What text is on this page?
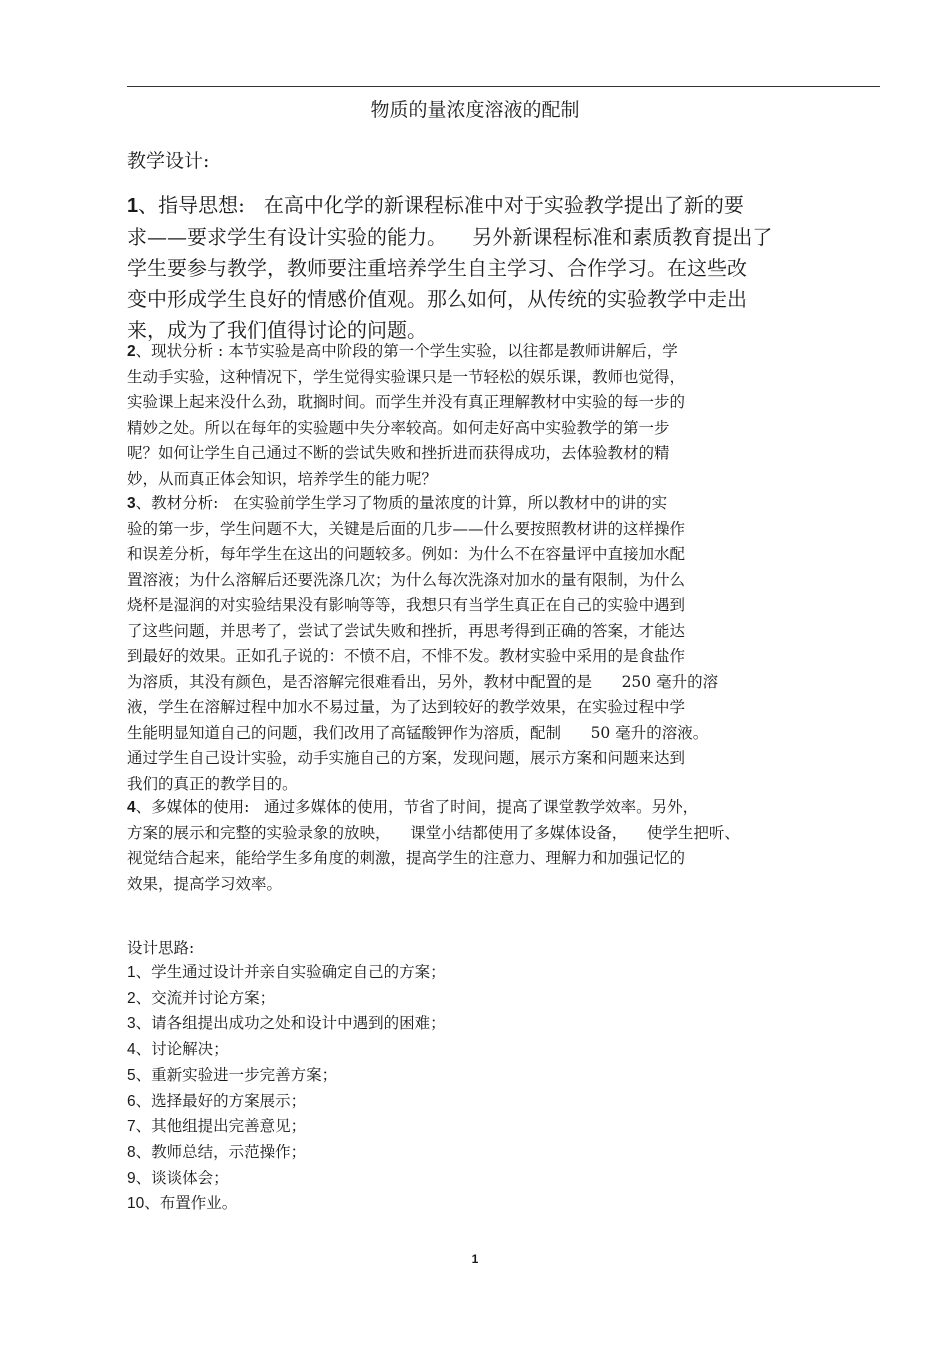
物质的量浓度溶液的配制
教学设计:
1、指导思想:   在高中化学的新课程标准中对于实验教学提出了新的要
求——要求学生有设计实验的能力。    另外新课程标准和素质教育提出了
学生要参与教学，教师要注重培养学生自主学习、合作学习。在这些改
变中形成学生良好的情感价值观。那么如何，从传统的实验教学中走出
来，成为了我们值得讨论的问题。
2、现状分析 : 本节实验是高中阶段的第一个学生实验，以往都是教师讲解后，学
生动手实验，这种情况下，学生觉得实验课只是一节轻松的娱乐课，教师也觉得，
实验课上起来没什么劲，耽搁时间。而学生并没有真正理解教材中实验的每一步的
精妙之处。所以在每年的实验题中失分率较高。如何走好高中实验教学的第一步
呢？如何让学生自己通过不断的尝试失败和挫折进而获得成功，去体验教材的精
妙，从而真正体会知识，培养学生的能力呢？
3、教材分析:   在实验前学生学习了物质的量浓度的计算，所以教材中的讲的实
验的第一步，学生问题不大，关键是后面的几步——什么要按照教材讲的这样操作
和误差分析，每年学生在这出的问题较多。例如：为什么不在容量评中直接加水配
置溶液；为什么溶解后还要洗涤几次；为什么每次洗涤对加水的量有限制，为什么
烧杯是湿润的对实验结果没有影响等等，我想只有当学生真正在自己的实验中遇到
了这些问题，并思考了，尝试了尝试失败和挫折，再思考得到正确的答案，才能达
到最好的效果。正如孔子说的：不愤不启，不悱不发。教材实验中采用的是食盐作
为溶质，其没有颜色，是否溶解完很难看出，另外，教材中配置的是      250 毫升的溶
液，学生在溶解过程中加水不易过量，为了达到较好的教学效果，在实验过程中学
生能明显知道自己的问题，我们改用了高锰酸钾作为溶质，配制      50 毫升的溶液。
通过学生自己设计实验，动手实施自己的方案，发现问题，展示方案和问题来达到
我们的真正的教学目的。
4、多媒体的使用:   通过多媒体的使用，节省了时间，提高了课堂教学效率。另外，
方案的展示和完整的实验录象的放映，    课堂小结都使用了多媒体设备，    使学生把听、
视觉结合起来，能给学生多角度的刺激，提高学生的注意力、理解力和加强记忆的
效果，提高学习效率。
设计思路:
1、学生通过设计并亲自实验确定自己的方案；
2、交流并讨论方案；
3、请各组提出成功之处和设计中遇到的困难；
4、讨论解决；
5、重新实验进一步完善方案；
6、选择最好的方案展示；
7、其他组提出完善意见；
8、教师总结，示范操作；
9、谈谈体会；
10、布置作业。
1
